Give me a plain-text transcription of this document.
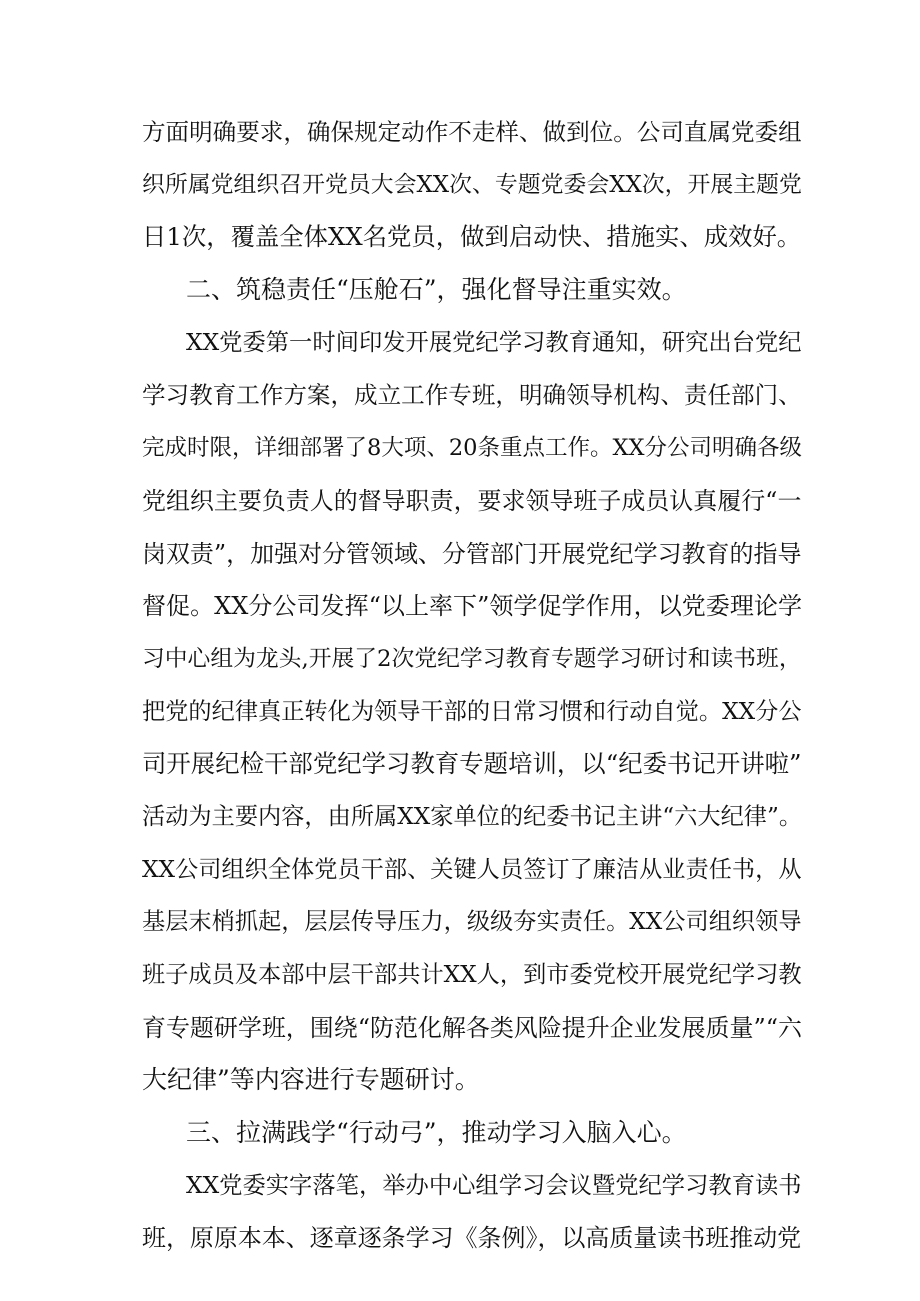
方面明确要求，确保规定动作不走样、做到位。公司直属党委组
织所属党组织召开党员大会XX次、专题党委会XX次，开展主题党
日1次，覆盖全体XX名党员，做到启动快、措施实、成效好。
二、筑稳责任“压舱石”，强化督导注重实效。
XX党委第一时间印发开展党纪学习教育通知，研究出台党纪
学习教育工作方案，成立工作专班，明确领导机构、责任部门、
完成时限，详细部署了8大项、20条重点工作。XX分公司明确各级
党组织主要负责人的督导职责，要求领导班子成员认真履行“一
岗双责”，加强对分管领域、分管部门开展党纪学习教育的指导
督促。XX分公司发挥“以上率下”领学促学作用，以党委理论学
习中心组为龙头,开展了2次党纪学习教育专题学习研讨和读书班，
把党的纪律真正转化为领导干部的日常习惯和行动自觉。XX分公
司开展纪检干部党纪学习教育专题培训，以“纪委书记开讲啦”
活动为主要内容，由所属XX家单位的纪委书记主讲“六大纪律”。
XX公司组织全体党员干部、关键人员签订了廉洁从业责任书，从
基层末梢抓起，层层传导压力，级级夯实责任。XX公司组织领导
班子成员及本部中层干部共计XX人，到市委党校开展党纪学习教
育专题研学班，围绕“防范化解各类风险提升企业发展质量”“六
大纪律”等内容进行专题研讨。
三、拉满践学“行动弓”，推动学习入脑入心。
XX党委实字落笔，举办中心组学习会议暨党纪学习教育读书
班，原原本本、逐章逐条学习《条例》，以高质量读书班推动党
